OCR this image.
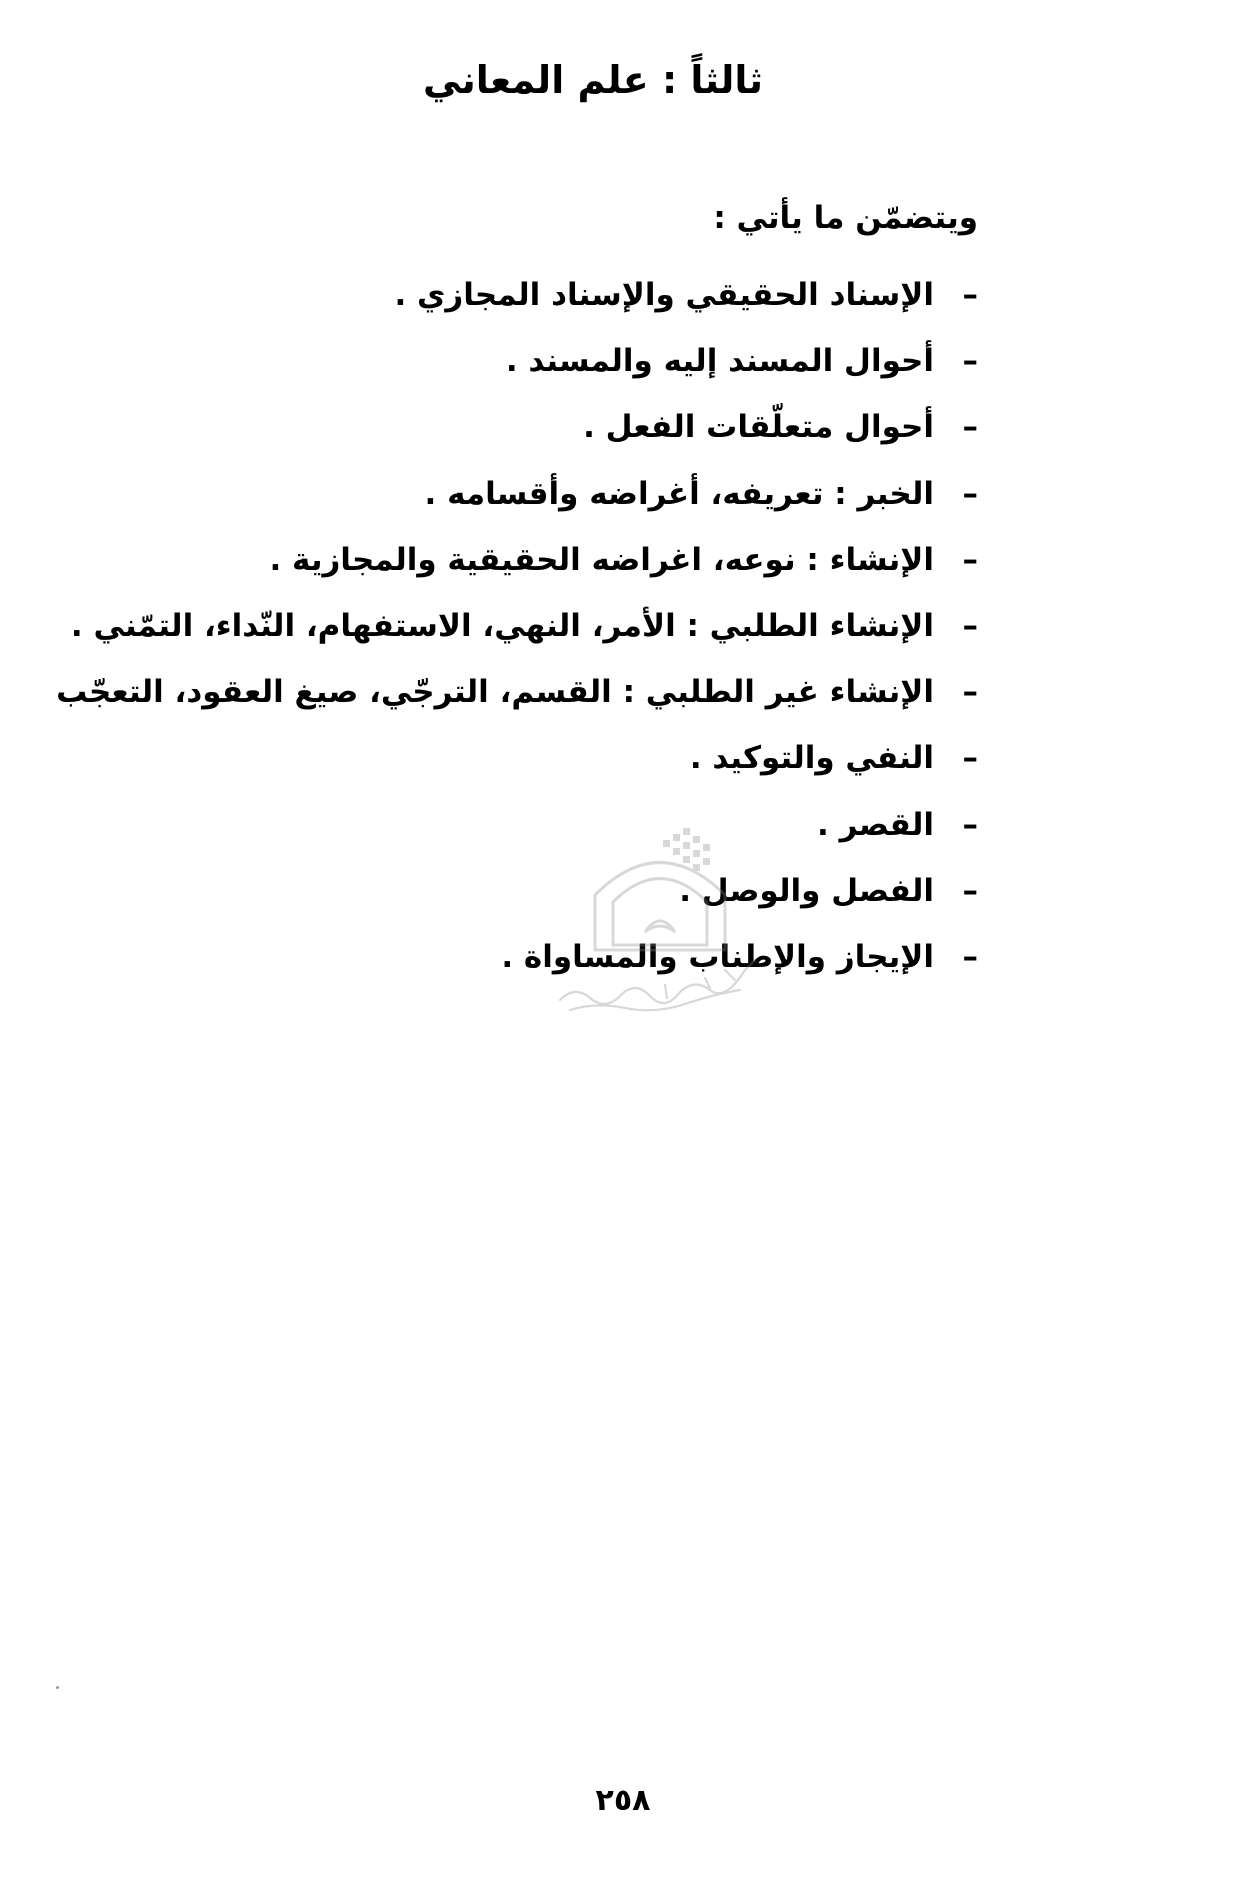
ثالثاً : علم المعاني
ويتضمّن ما يأتي :
–
الإسناد الحقيقي والإسناد المجازي .
–
أحوال المسند إليه والمسند .
–
أحوال متعلّقات الفعل .
–
الخبر : تعريفه، أغراضه وأقسامه .
–
الإنشاء : نوعه، اغراضه الحقيقية والمجازية .
–
الإنشاء الطلبي : الأمر، النهي، الاستفهام، النّداء، التمّني .
–
الإنشاء غير الطلبي : القسم، الترجّي، صيغ العقود، التعجّب
–
النفي والتوكيد .
–
القصر .
–
الفصل والوصل .
–
الإيجاز والإطناب والمساواة .
٢٥٨
